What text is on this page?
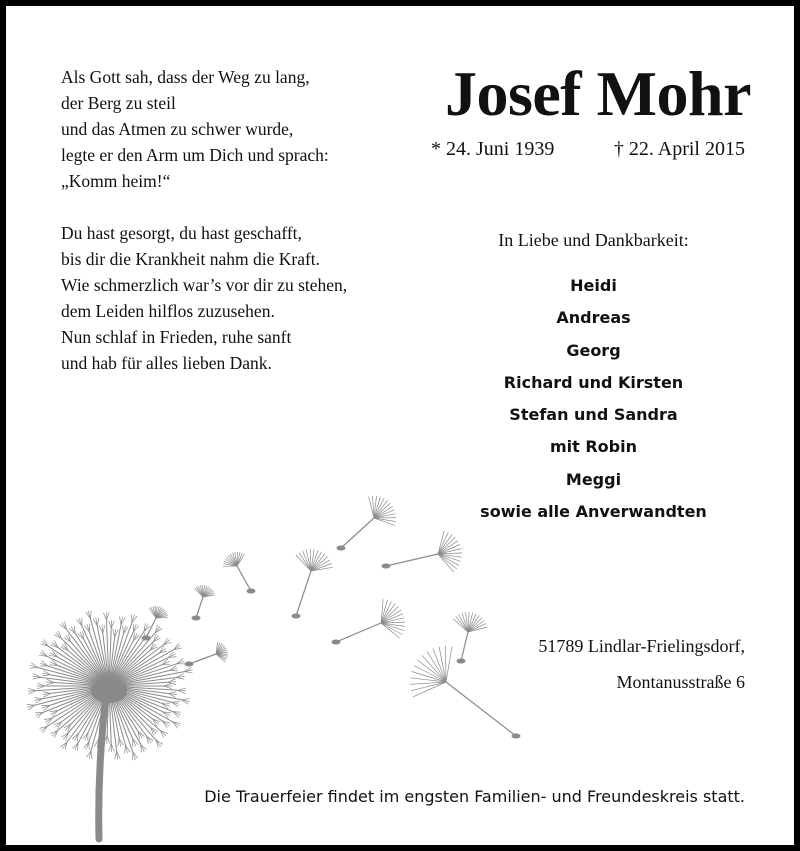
Als Gott sah, dass der Weg zu lang,
der Berg zu steil
und das Atmen zu schwer wurde,
legte er den Arm um Dich und sprach:
„Komm heim!“
Du hast gesorgt, du hast geschafft,
bis dir die Krankheit nahm die Kraft.
Wie schmerzlich war’s vor dir zu stehen,
dem Leiden hilflos zuzusehen.
Nun schlaf in Frieden, ruhe sanft
und hab für alles lieben Dank.
Josef Mohr
* 24. Juni 1939	† 22. April 2015
In Liebe und Dankbarkeit:
Heidi
Andreas
Georg
Richard und Kirsten
Stefan und Sandra
mit Robin
Meggi
sowie alle Anverwandten
51789 Lindlar-Frielingsdorf,
Montanusstraße 6
Die Trauerfeier findet im engsten Familien- und Freundeskreis statt.
